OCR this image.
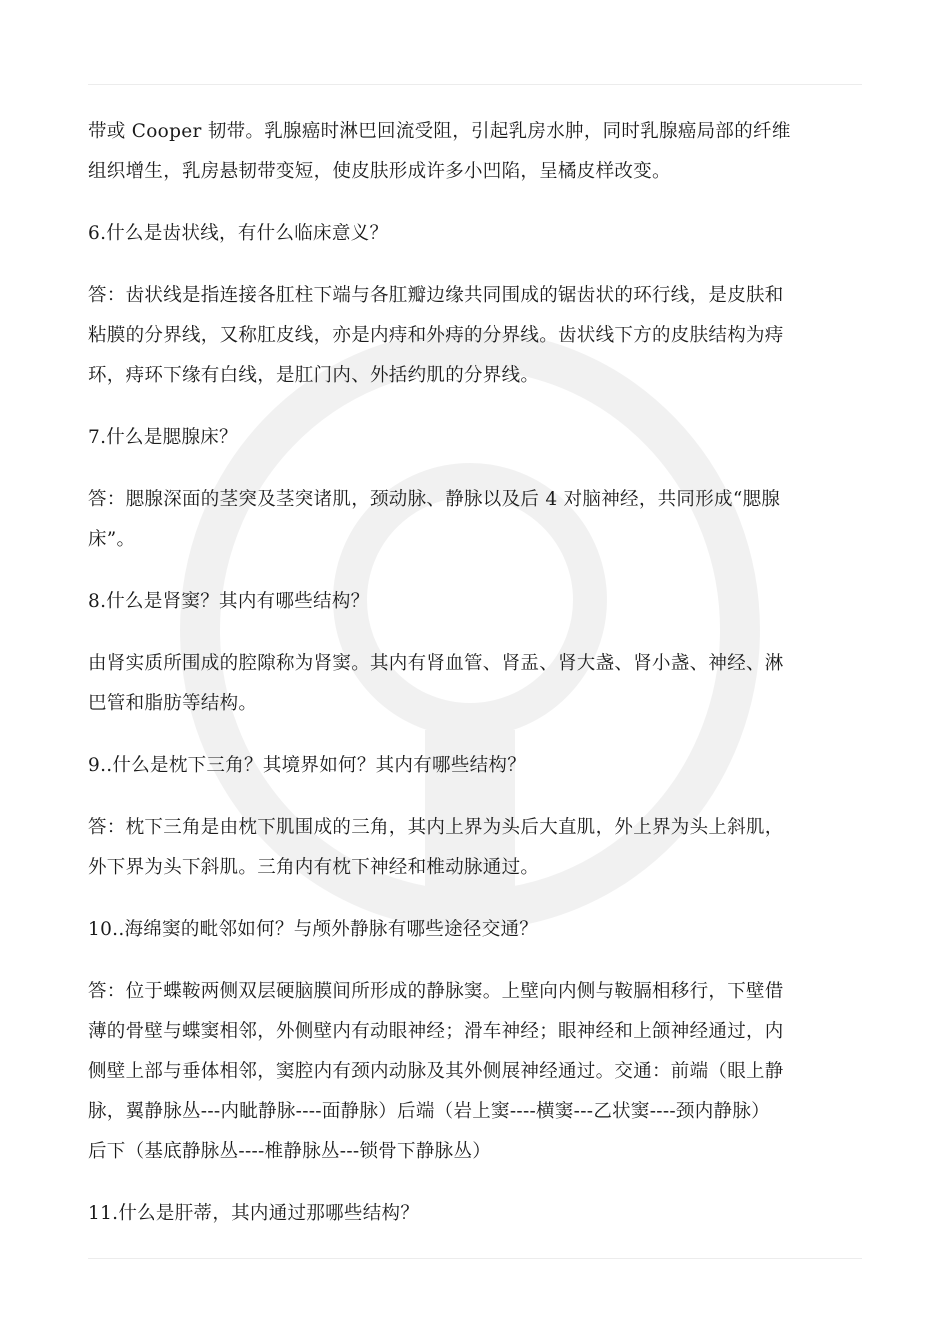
带或 Cooper 韧带。乳腺癌时淋巴回流受阻，引起乳房水肿，同时乳腺癌局部的纤维
组织增生，乳房悬韧带变短，使皮肤形成许多小凹陷，呈橘皮样改变。
6.什么是齿状线，有什么临床意义？
答：齿状线是指连接各肛柱下端与各肛瓣边缘共同围成的锯齿状的环行线，是皮肤和
粘膜的分界线，又称肛皮线，亦是内痔和外痔的分界线。齿状线下方的皮肤结构为痔
环，痔环下缘有白线，是肛门内、外括约肌的分界线。
7.什么是腮腺床？
答：腮腺深面的茎突及茎突诸肌，颈动脉、静脉以及后 4 对脑神经，共同形成“腮腺
床”。
8.什么是肾窦？其内有哪些结构？
由肾实质所围成的腔隙称为肾窦。其内有肾血管、肾盂、肾大盏、肾小盏、神经、淋
巴管和脂肪等结构。
9..什么是枕下三角？其境界如何？其内有哪些结构？
答：枕下三角是由枕下肌围成的三角，其内上界为头后大直肌，外上界为头上斜肌，
外下界为头下斜肌。三角内有枕下神经和椎动脉通过。
10..海绵窦的毗邻如何？与颅外静脉有哪些途径交通？
答：位于蝶鞍两侧双层硬脑膜间所形成的静脉窦。上壁向内侧与鞍膈相移行，下壁借
薄的骨壁与蝶窦相邻，外侧壁内有动眼神经；滑车神经；眼神经和上颌神经通过，内
侧壁上部与垂体相邻，窦腔内有颈内动脉及其外侧展神经通过。交通：前端（眼上静
脉，翼静脉丛---内眦静脉----面静脉）后端（岩上窦----横窦---乙状窦----颈内静脉）
后下（基底静脉丛----椎静脉丛---锁骨下静脉丛）
11.什么是肝蒂，其内通过那哪些结构？
